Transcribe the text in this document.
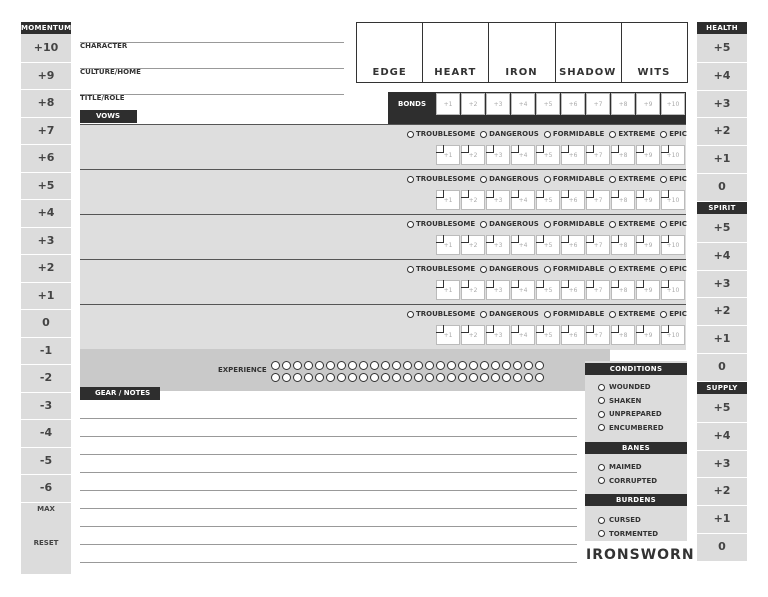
MOMENTUM
+10
+9
+8
+7
+6
+5
+4
+3
+2
+1
0
-1
-2
-3
-4
-5
-6
MAX
RESET
CHARACTER
CULTURE/HOME
TITLE/ROLE
EDGE	HEART	IRON	SHADOW	WITS
BONDS	+1	+2	+3	+4	+5	+6	+7	+8	+9	+10
VOWS
TROUBLESOME DANGEROUS FORMIDABLE EXTREME EPIC
+1	+2	+3	+4	+5	+6	+7	+8	+9 +10
TROUBLESOME DANGEROUS FORMIDABLE EXTREME EPIC
+1	+2	+3	+4	+5	+6	+7	+8	+9 +10
TROUBLESOME DANGEROUS FORMIDABLE EXTREME EPIC
+1	+2	+3	+4	+5	+6	+7	+8	+9 +10
TROUBLESOME DANGEROUS FORMIDABLE EXTREME EPIC
+1	+2	+3	+4	+5	+6	+7	+8	+9 +10
TROUBLESOME DANGEROUS FORMIDABLE EXTREME EPIC
+1	+2	+3	+4	+5	+6	+7	+8	+9 +10
EXPERIENCE
GEAR / NOTES
CONDITIONS
WOUNDED
SHAKEN
UNPREPARED
ENCUMBERED
BANES
MAIMED
CORRUPTED
BURDENS
CURSED
TORMENTED
IRONSWORN
HEALTH
+5
+4
+3
+2
+1
0
SPIRIT
+5
+4
+3
+2
+1
0
SUPPLY
+5
+4
+3
+2
+1
0
